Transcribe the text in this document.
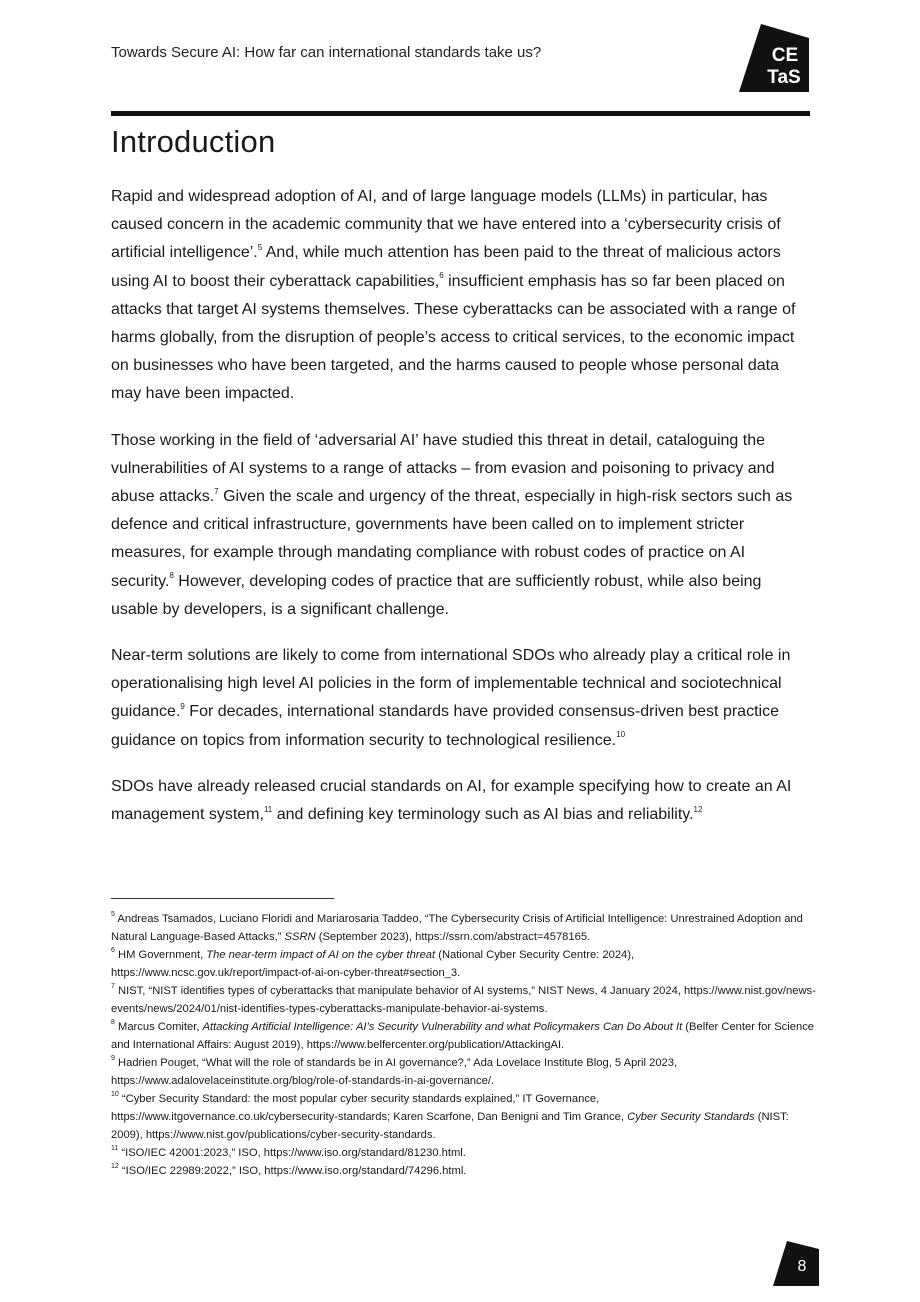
Towards Secure AI: How far can international standards take us?	CE
TaS
Introduction

Rapid and widespread adoption of AI, and of large language models (LLMs) in particular, has caused concern in the academic community that we have entered into a ‘cybersecurity crisis of artificial intelligence’.$^5$ And, while much attention has been paid to the threat of malicious actors using AI to boost their cyberattack capabilities,$^6$ insufficient emphasis has so far been placed on attacks that target AI systems themselves. These cyberattacks can be associated with a range of harms globally, from the disruption of people’s access to critical services, to the economic impact on businesses who have been targeted, and the harms caused to people whose personal data may have been impacted.

Those working in the field of ‘adversarial AI’ have studied this threat in detail, cataloguing the vulnerabilities of AI systems to a range of attacks – from evasion and poisoning to privacy and abuse attacks.$^7$ Given the scale and urgency of the threat, especially in high-risk sectors such as defence and critical infrastructure, governments have been called on to implement stricter measures, for example through mandating compliance with robust codes of practice on AI security.$^8$ However, developing codes of practice that are sufficiently robust, while also being usable by developers, is a significant challenge.

Near-term solutions are likely to come from international SDOs who already play a critical role in operationalising high level AI policies in the form of implementable technical and sociotechnical guidance.$^9$ For decades, international standards have provided consensus-driven best practice guidance on topics from information security to technological resilience.$^{10}$

SDOs have already released crucial standards on AI, for example specifying how to create an AI management system,$^{11}$ and defining key terminology such as AI bias and reliability.$^{12}$

$^5$ Andreas Tsamados, Luciano Floridi and Mariarosaria Taddeo, “The Cybersecurity Crisis of Artificial Intelligence: Unrestrained Adoption and Natural Language-Based Attacks,” SSRN (September 2023), https://ssrn.com/abstract=4578165.

$^6$ HM Government, The near-term impact of AI on the cyber threat (National Cyber Security Centre: 2024), https://www.ncsc.gov.uk/report/impact-of-ai-on-cyber-threat#section_3.

$^7$ NIST, “NIST identifies types of cyberattacks that manipulate behavior of AI systems,” NIST News, 4 January 2024, https://www.nist.gov/news-events/news/2024/01/nist-identifies-types-cyberattacks-manipulate-behavior-ai-systems.

$^8$ Marcus Comiter, Attacking Artificial Intelligence: AI’s Security Vulnerability and what Policymakers Can Do About It (Belfer Center for Science and International Affairs: August 2019), https://www.belfercenter.org/publication/AttackingAI.

$^9$ Hadrien Pouget, “What will the role of standards be in AI governance?,” Ada Lovelace Institute Blog, 5 April 2023, https://www.adalovelaceinstitute.org/blog/role-of-standards-in-ai-governance/.

$^{10}$ “Cyber Security Standard: the most popular cyber security standards explained,” IT Governance, https://www.itgovernance.co.uk/cybersecurity-standards; Karen Scarfone, Dan Benigni and Tim Grance, Cyber Security Standards (NIST: 2009), https://www.nist.gov/publications/cyber-security-standards.

$^{11}$ “ISO/IEC 42001:2023,” ISO, https://www.iso.org/standard/81230.html.

$^{12}$ “ISO/IEC 22989:2022,” ISO, https://www.iso.org/standard/74296.html.

8
